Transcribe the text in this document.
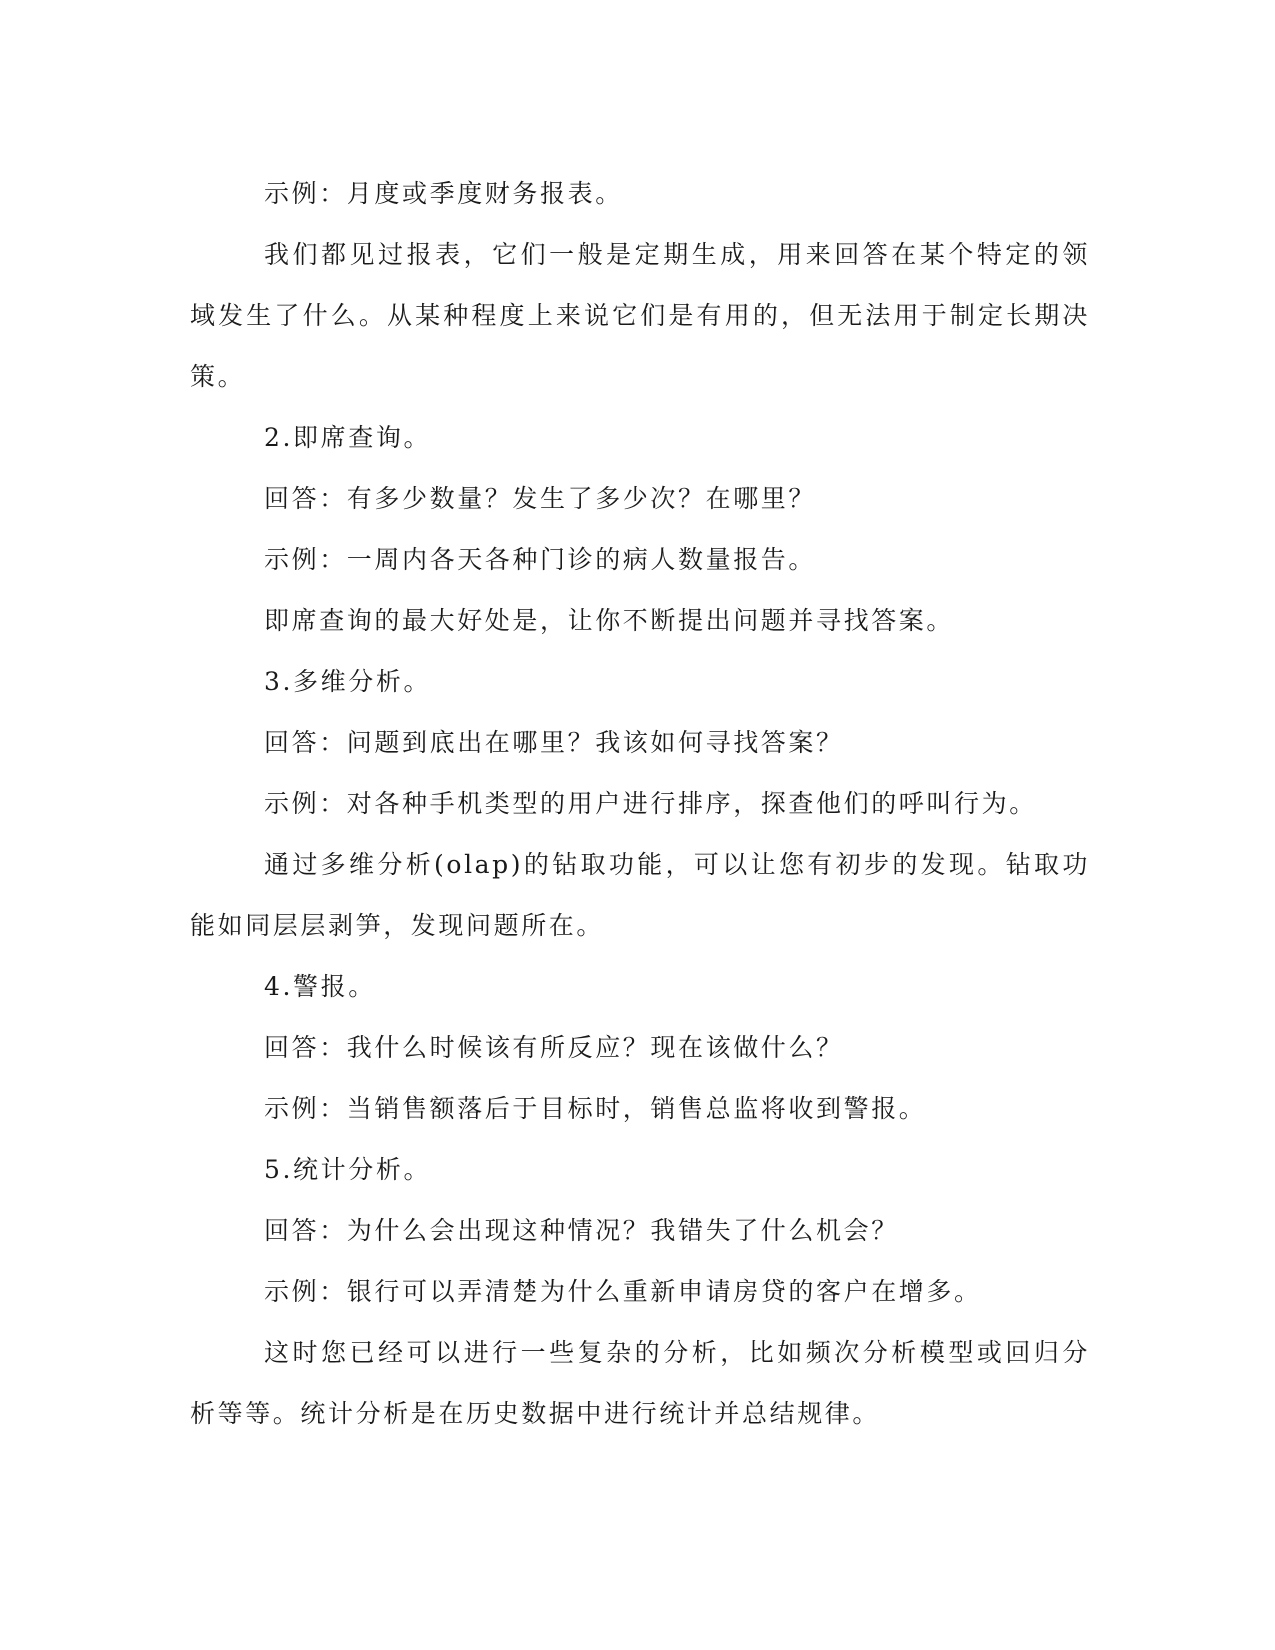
示例：月度或季度财务报表。

我们都见过报表，它们一般是定期生成，用来回答在某个特定的领域发生了什么。从某种程度上来说它们是有用的，但无法用于制定长期决策。

2.即席查询。

回答：有多少数量？发生了多少次？在哪里？

示例：一周内各天各种门诊的病人数量报告。

即席查询的最大好处是，让你不断提出问题并寻找答案。

3.多维分析。

回答：问题到底出在哪里？我该如何寻找答案？

示例：对各种手机类型的用户进行排序，探查他们的呼叫行为。

通过多维分析(olap)的钻取功能，可以让您有初步的发现。钻取功能如同层层剥笋，发现问题所在。

4.警报。

回答：我什么时候该有所反应？现在该做什么？

示例：当销售额落后于目标时，销售总监将收到警报。

5.统计分析。

回答：为什么会出现这种情况？我错失了什么机会？

示例：银行可以弄清楚为什么重新申请房贷的客户在增多。

这时您已经可以进行一些复杂的分析，比如频次分析模型或回归分析等等。统计分析是在历史数据中进行统计并总结规律。
